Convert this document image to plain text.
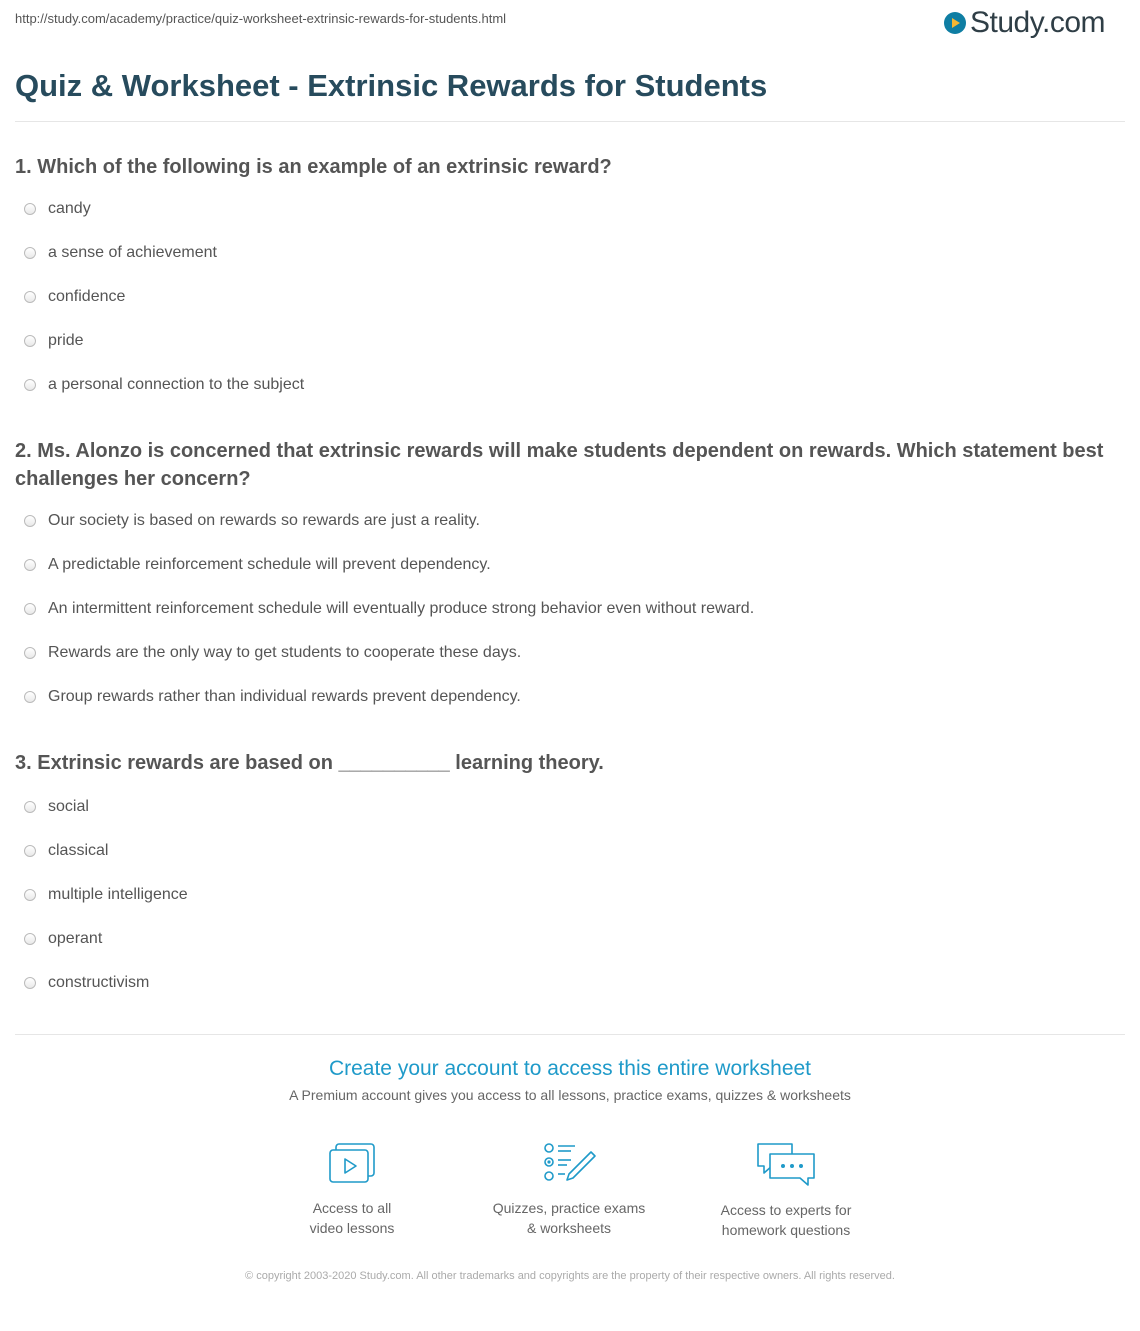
http://study.com/academy/practice/quiz-worksheet-extrinsic-rewards-for-students.html	Study.com
Quiz & Worksheet - Extrinsic Rewards for Students

1. Which of the following is an example of an extrinsic reward?

candy
a sense of achievement
confidence
pride
a personal connection to the subject

2. Ms. Alonzo is concerned that extrinsic rewards will make students dependent on rewards. Which statement best challenges her concern?

Our society is based on rewards so rewards are just a reality.
A predictable reinforcement schedule will prevent dependency.
An intermittent reinforcement schedule will eventually produce strong behavior even without reward.
Rewards are the only way to get students to cooperate these days.
Group rewards rather than individual rewards prevent dependency.

3. Extrinsic rewards are based on __________ learning theory.

social
classical
multiple intelligence
operant
constructivism
Create your account to access this entire worksheet
A Premium account gives you access to all lessons, practice exams, quizzes & worksheets
Access to all
video lessons
Quizzes, practice exams
& worksheets
Access to experts for
homework questions
© copyright 2003-2020 Study.com. All other trademarks and copyrights are the property of their respective owners. All rights reserved.
